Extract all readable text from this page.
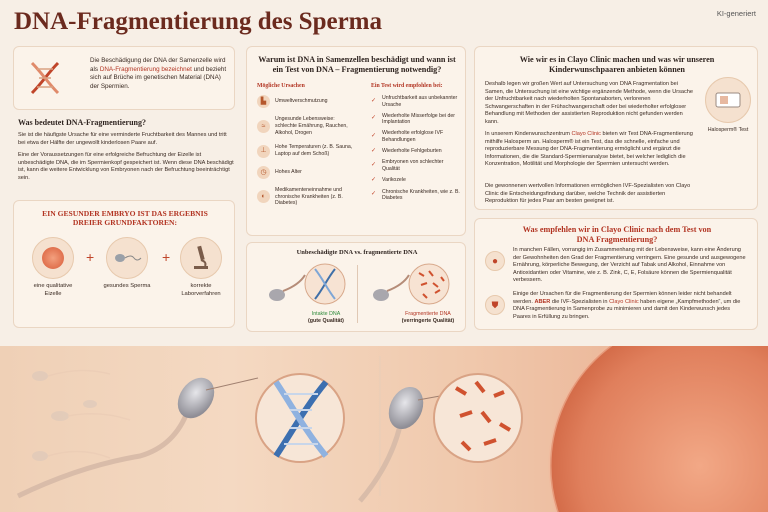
DNA-Fragmentierung des Sperma	KI-generiert
Die Beschädigung der DNA der Samenzelle wird als DNA-Fragmentierung bezeichnet und bezieht sich auf Brüche im genetischen Material (DNA) der Spermien.
Was bedeutet DNA-Fragmentierung?
Sie ist die häufigste Ursache für eine verminderte Fruchtbarkeit des Mannes und tritt bei etwa der Hälfte der ungewollt kinderlosen Paare auf.
Eine der Voraussetzungen für eine erfolgreiche Befruchtung der Eizelle ist unbeschädigte DNA, die im Spermienkopf gespeichert ist. Wenn diese DNA beschädigt ist, kann die weitere Entwicklung von Embryonen nach der Befruchtung beeinträchtigt sein.
EIN GESUNDER EMBRYO IST DAS ERGEBNIS DREIER GRUNDFAKTOREN:
eine qualitative Eizelle
+
gesundes Sperma
+
korrekte Laborverfahren
Warum ist DNA in Samenzellen beschädigt und wann ist ein Test von DNA – Fragmentierung notwendig?
Mögliche Ursachen
▙	Umweltverschmutzung
≈
Ungesunde Lebensweise: schlechte Ernährung, Rauchen, Alkohol, Drogen
⊥
Hohe Temperaturen (z. B. Sauna, Laptop auf dem Schoß)
◷	Hohes Alter
◐
Medikamenteneinnahme und chronische Krankheiten (z. B. Diabetes)
Ein Test wird empfohlen bei:
✓ Unfruchtbarkeit aus unbekannter Ursache
✓ Wiederholte Misserfolge bei der Implantation
✓ Wiederholte erfolglose IVF Behandlungen
✓ Wiederholte Fehlgeburten
✓ Embryonen von schlechter Qualität
✓ Varikozele
✓ Chronische Krankheiten, wie z. B. Diabetes
Unbeschädigte DNA vs. fragmentierte DNA
Intakte DNA
(gute Qualität)
Fragmentierte DNA
(verringerte Qualität)
Wie wir es in Clayo Clinic machen und was wir unseren Kinderwunschpaaren anbieten können
Deshalb legen wir großen Wert auf Untersuchung von DNA Fragmentation bei Samen, die Untersuchung ist eine wichtige ergänzende Methode, wenn die Ursache der Unfruchtbarkeit nach wiederholten Spontanaborten, verlorenen Schwangerschaften in der Frühschwangerschaft oder bei wiederholter erfolgloser Behandlung mit Methoden der assistierten Reproduktion nicht gefunden werden kann.
In unserem Kinderwunschzentrum Clayo Clinic bieten wir Test DNA-Fragmentierung mithilfe Halosperm an. Halosperm® ist ein Test, das die schnelle, einfache und reproduzierbare Messung der DNA-Fragmentierung ermöglicht und ergänzt die Informationen, die die Standard-Spermienanalyse bietet, bei welcher lediglich die Konzentration, Motilität und Morphologie der Spermien untersucht werden.
Die gewonnenen wertvollen Informationen ermöglichen IVF-Spezialisten von Clayo Clinic die Entscheidungsfindung darüber, welche Technik der assistierten Reproduktion für jedes Paar am besten geeignet ist.
Halosperm® Test
Was empfehlen wir in Clayo Clinic nach dem Test von DNA Fragmentierung?
●
In manchen Fällen, vorrangig im Zusammenhang mit der Lebensweise, kann eine Änderung der Gewohnheiten den Grad der Fragmentierung verringern. Eine gesunde und ausgewogene Ernährung, körperliche Bewegung, der Verzicht auf Tabak und Alkohol, Einnahme von Antioxidantien oder Vitamine, wie z. B. Zink, C, E, Folsäure können die Spermienqualität verbessern.
⛊
Einige der Ursachen für die Fragmentierung der Spermien können leider nicht behandelt werden. ABER die IVF-Spezialisten in Clayo Clinic haben eigene „Kampfmethoden“, um die DNA Fragmentierung in Samenprobe zu minimieren und damit den Kinderwunsch jedes Paares in Erfüllung zu bringen.
